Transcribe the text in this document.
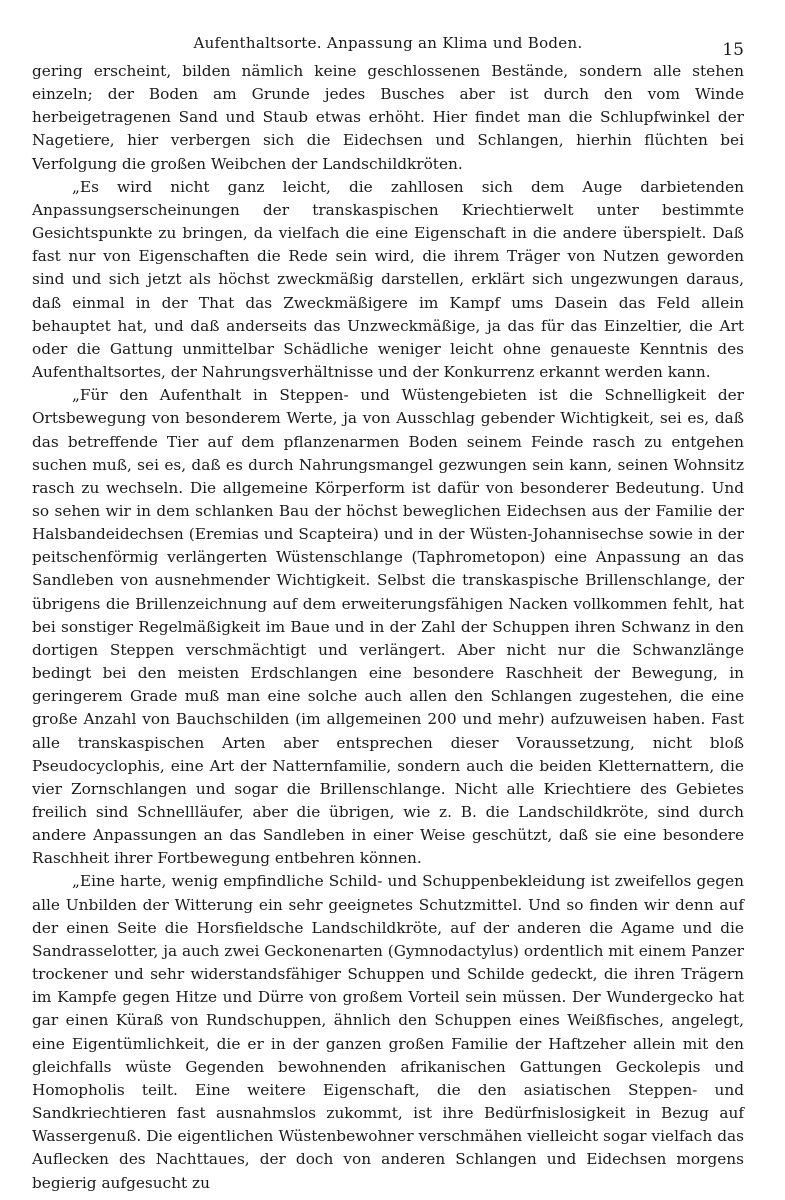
Aufenthaltsorte. Anpassung an Klima und Boden.	15

gering erscheint, bilden nämlich keine geschlossenen Bestände, sondern alle stehen einzeln; der Boden am Grunde jedes Busches aber ist durch den vom Winde herbeigetragenen Sand und Staub etwas erhöht. Hier findet man die Schlupfwinkel der Nagetiere, hier verbergen sich die Eidechsen und Schlangen, hierhin flüchten bei Verfolgung die großen Weibchen der Landschildkröten.

„Es wird nicht ganz leicht, die zahllosen sich dem Auge darbietenden Anpassungserscheinungen der transkaspischen Kriechtierwelt unter bestimmte Gesichtspunkte zu bringen, da vielfach die eine Eigenschaft in die andere überspielt. Daß fast nur von Eigenschaften die Rede sein wird, die ihrem Träger von Nutzen geworden sind und sich jetzt als höchst zweckmäßig darstellen, erklärt sich ungezwungen daraus, daß einmal in der That das Zweckmäßigere im Kampf ums Dasein das Feld allein behauptet hat, und daß anderseits das Unzweckmäßige, ja das für das Einzeltier, die Art oder die Gattung unmittelbar Schädliche weniger leicht ohne genaueste Kenntnis des Aufenthaltsortes, der Nahrungsverhältnisse und der Konkurrenz erkannt werden kann.

„Für den Aufenthalt in Steppen- und Wüstengebieten ist die Schnelligkeit der Ortsbewegung von besonderem Werte, ja von Ausschlag gebender Wichtigkeit, sei es, daß das betreffende Tier auf dem pflanzenarmen Boden seinem Feinde rasch zu entgehen suchen muß, sei es, daß es durch Nahrungsmangel gezwungen sein kann, seinen Wohnsitz rasch zu wechseln. Die allgemeine Körperform ist dafür von besonderer Bedeutung. Und so sehen wir in dem schlanken Bau der höchst beweglichen Eidechsen aus der Familie der Halsbandeidechsen (Eremias und Scapteira) und in der Wüsten-Johannisechse sowie in der peitschenförmig verlängerten Wüstenschlange (Taphrometopon) eine Anpassung an das Sandleben von ausnehmender Wichtigkeit. Selbst die transkaspische Brillenschlange, der übrigens die Brillenzeichnung auf dem erweiterungsfähigen Nacken vollkommen fehlt, hat bei sonstiger Regelmäßigkeit im Baue und in der Zahl der Schuppen ihren Schwanz in den dortigen Steppen verschmächtigt und verlängert. Aber nicht nur die Schwanzlänge bedingt bei den meisten Erdschlangen eine besondere Raschheit der Bewegung, in geringerem Grade muß man eine solche auch allen den Schlangen zugestehen, die eine große Anzahl von Bauchschilden (im allgemeinen 200 und mehr) aufzuweisen haben. Fast alle transkaspischen Arten aber entsprechen dieser Voraussetzung, nicht bloß Pseudocyclophis, eine Art der Natternfamilie, sondern auch die beiden Kletternattern, die vier Zornschlangen und sogar die Brillenschlange. Nicht alle Kriechtiere des Gebietes freilich sind Schnellläufer, aber die übrigen, wie z. B. die Landschildkröte, sind durch andere Anpassungen an das Sandleben in einer Weise geschützt, daß sie eine besondere Raschheit ihrer Fortbewegung entbehren können.

„Eine harte, wenig empfindliche Schild- und Schuppenbekleidung ist zweifellos gegen alle Unbilden der Witterung ein sehr geeignetes Schutzmittel. Und so finden wir denn auf der einen Seite die Horsfieldsche Landschildkröte, auf der anderen die Agame und die Sandrasselotter, ja auch zwei Geckonenarten (Gymnodactylus) ordentlich mit einem Panzer trockener und sehr widerstandsfähiger Schuppen und Schilde gedeckt, die ihren Trägern im Kampfe gegen Hitze und Dürre von großem Vorteil sein müssen. Der Wundergecko hat gar einen Küraß von Rundschuppen, ähnlich den Schuppen eines Weißfisches, angelegt, eine Eigentümlichkeit, die er in der ganzen großen Familie der Haftzeher allein mit den gleichfalls wüste Gegenden bewohnenden afrikanischen Gattungen Geckolepis und Homopholis teilt. Eine weitere Eigenschaft, die den asiatischen Steppen- und Sandkriechtieren fast ausnahmslos zukommt, ist ihre Bedürfnislosigkeit in Bezug auf Wassergenuß. Die eigentlichen Wüstenbewohner verschmähen vielleicht sogar vielfach das Auflecken des Nachttaues, der doch von anderen Schlangen und Eidechsen morgens begierig aufgesucht zu
